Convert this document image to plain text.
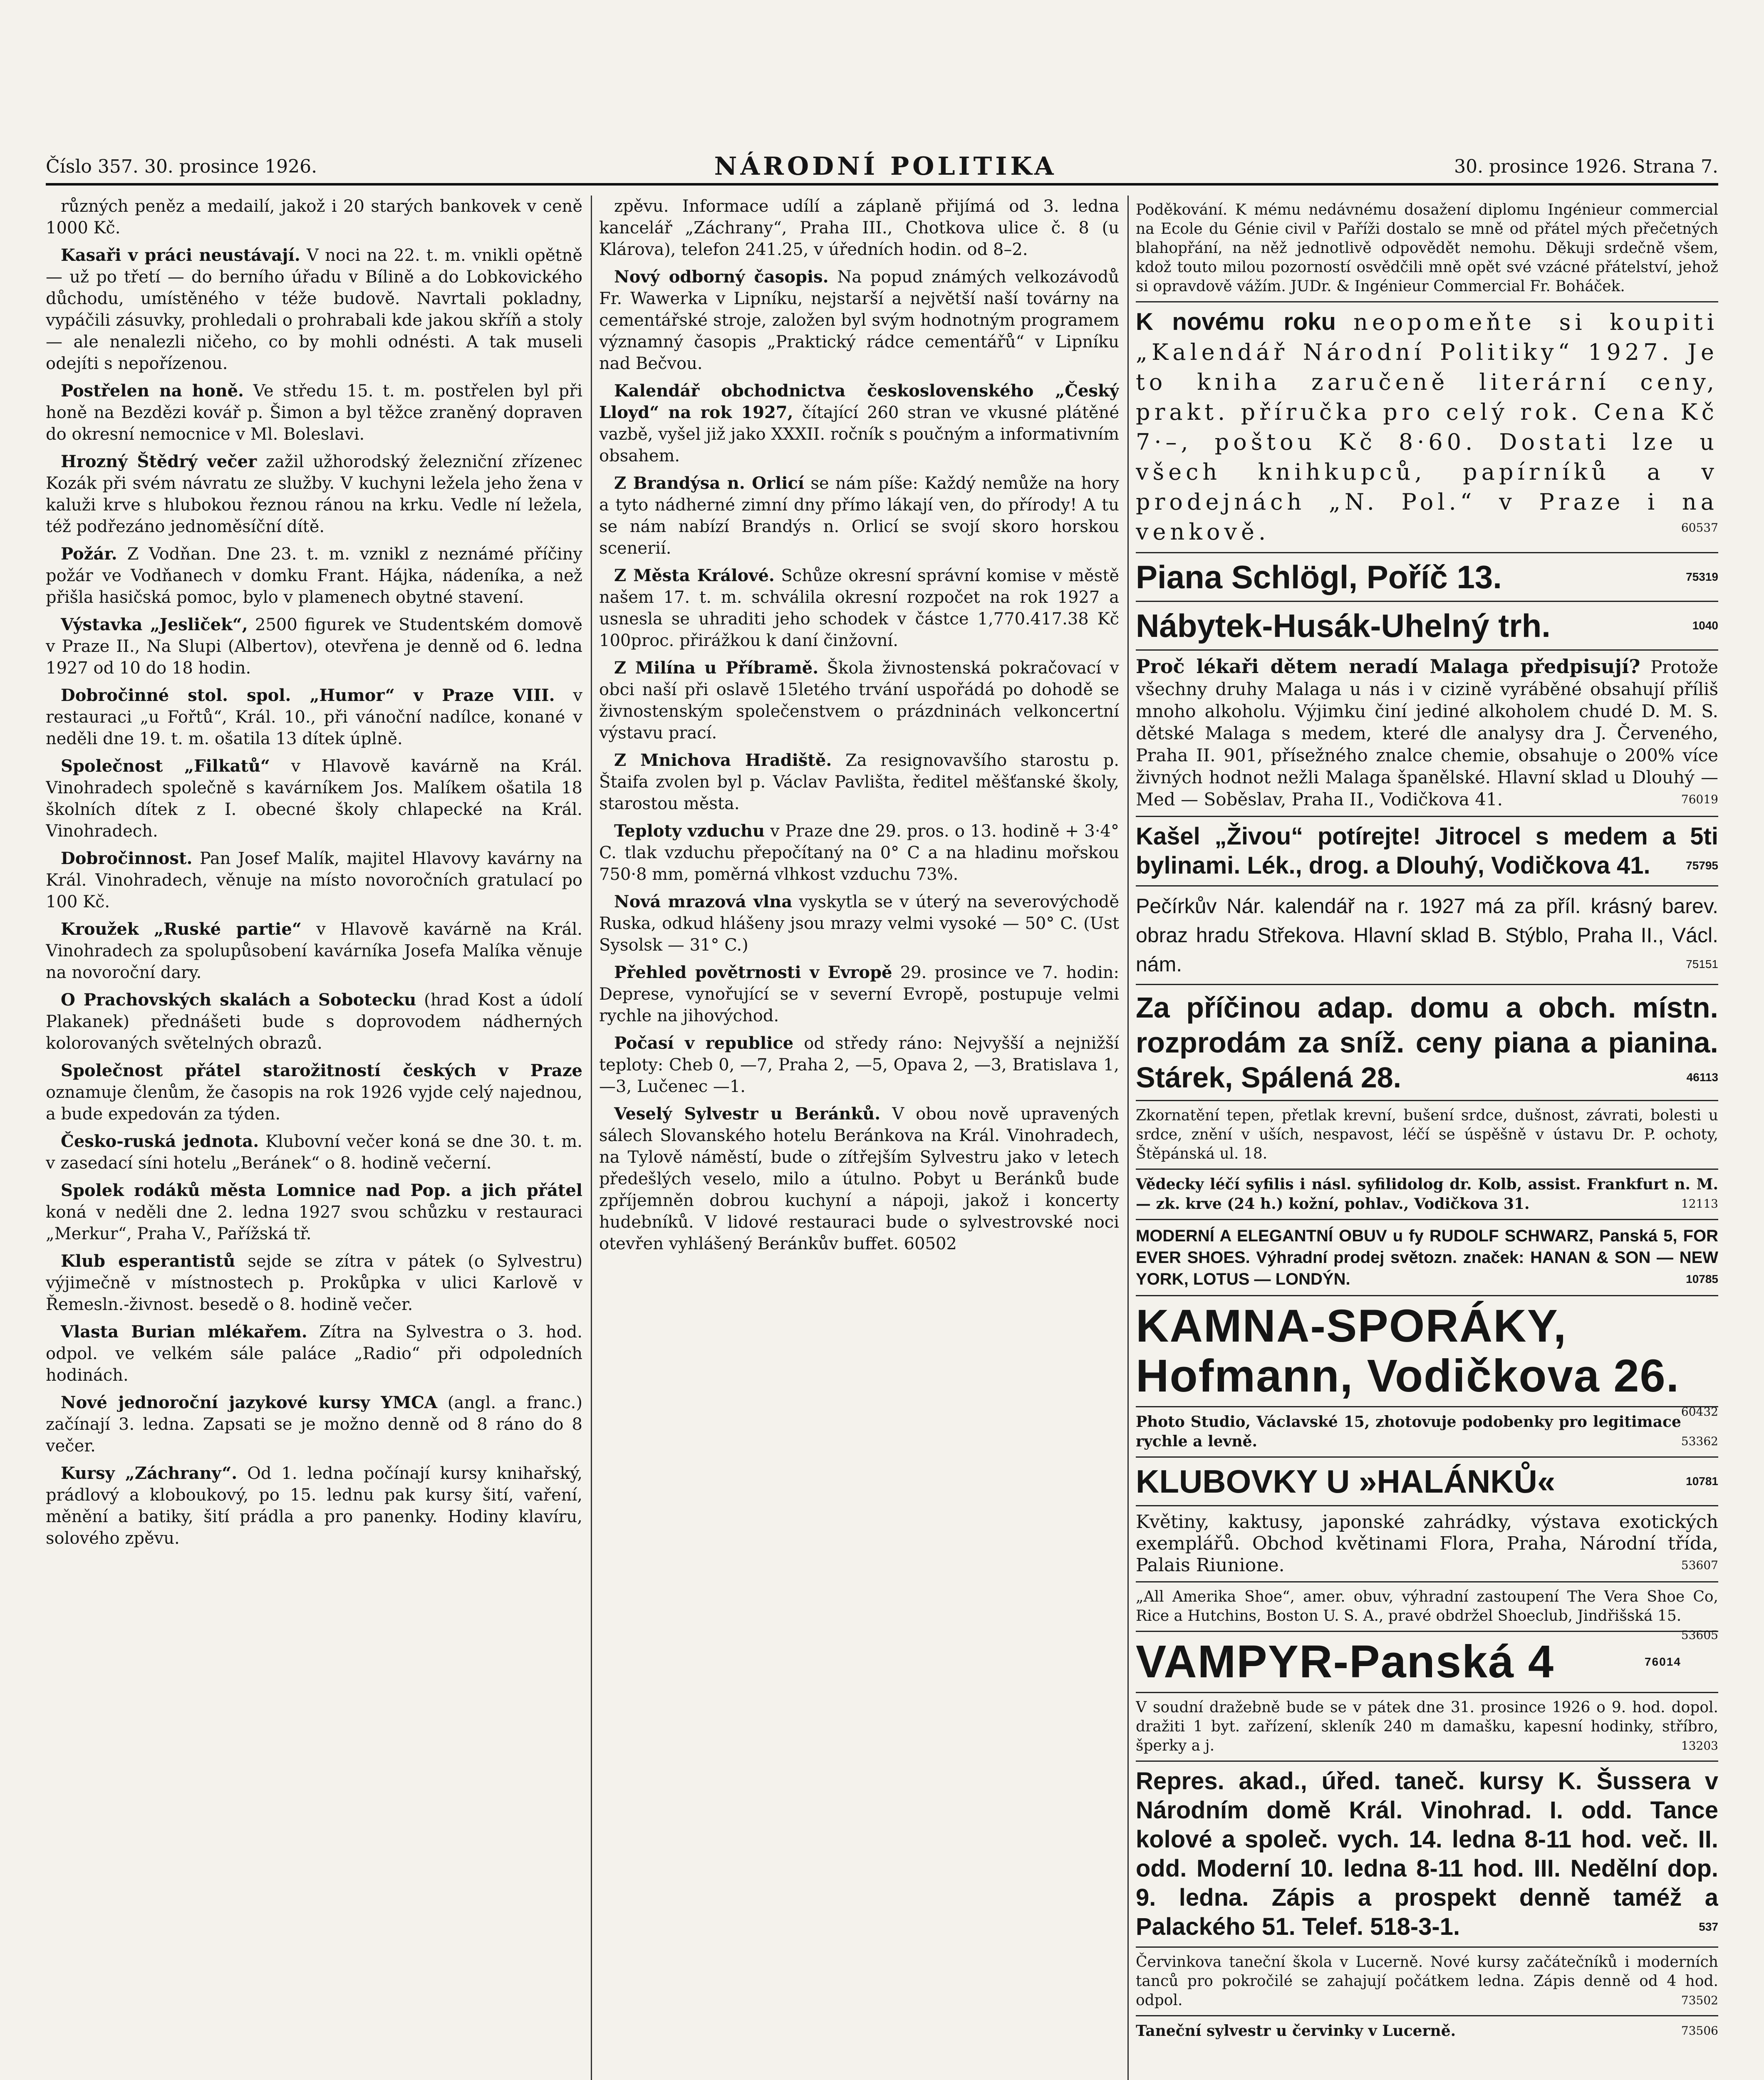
Číslo 357. 30. prosince 1926.	NÁRODNÍ POLITIKA	30. prosince 1926. Strana 7.

různých peněz a medailí, jakož i 20 starých bankovek v ceně 1000 Kč.

Kasaři v práci neustávají. V noci na 22. t. m. vnikli opětně — už po třetí — do berního úřadu v Bílině a do Lobkovického důchodu, umístěného v téže budově. Navrtali pokladny, vypáčili zásuvky, prohledali o prohrabali kde jakou skříň a stoly — ale nenalezli ničeho, co by mohli odnésti. A tak museli odejíti s nepořízenou.

Postřelen na honě. Ve středu 15. t. m. postřelen byl při honě na Bezdězi kovář p. Šimon a byl těžce zraněný dopraven do okresní nemocnice v Ml. Boleslavi.

Hrozný Štědrý večer zažil užhorodský železniční zřízenec Kozák při svém návratu ze služby. V kuchyni ležela jeho žena v kaluži krve s hlubokou řeznou ránou na krku. Vedle ní ležela, též podřezáno jednoměsíční dítě.

Požár. Z Vodňan. Dne 23. t. m. vznikl z neznámé příčiny požár ve Vodňanech v domku Frant. Hájka, nádeníka, a než přišla hasičská pomoc, bylo v plamenech obytné stavení.

Výstavka „Jesliček“, 2500 figurek ve Studentském domově v Praze II., Na Slupi (Albertov), otevřena je denně od 6. ledna 1927 od 10 do 18 hodin.

Dobročinné stol. spol. „Humor“ v Praze VIII. v restauraci „u Fořtů“, Král. 10., při vánoční nadílce, konané v neděli dne 19. t. m. ošatila 13 dítek úplně.

Společnost „Filkatů“ v Hlavově kavárně na Král. Vinohradech společně s kavárníkem Jos. Malíkem ošatila 18 školních dítek z I. obecné školy chlapecké na Král. Vinohradech.

Dobročinnost. Pan Josef Malík, majitel Hlavovy kavárny na Král. Vinohradech, věnuje na místo novoročních gratulací po 100 Kč.

Kroužek „Ruské partie“ v Hlavově kavárně na Král. Vinohradech za spolupůsobení kavárníka Josefa Malíka věnuje na novoroční dary.

O Prachovských skalách a Sobotecku (hrad Kost a údolí Plakanek) přednášeti bude s doprovodem nádherných kolorovaných světelných obrazů.

Společnost přátel starožitností českých v Praze oznamuje členům, že časopis na rok 1926 vyjde celý najednou, a bude expedován za týden.

Česko-ruská jednota. Klubovní večer koná se dne 30. t. m. v zasedací síni hotelu „Beránek“ o 8. hodině večerní.

Spolek rodáků města Lomnice nad Pop. a jich přátel koná v neděli dne 2. ledna 1927 svou schůzku v restauraci „Merkur“, Praha V., Pařížská tř.

Klub esperantistů sejde se zítra v pátek (o Sylvestru) výjimečně v místnostech p. Prokůpka v ulici Karlově v Řemesln.-živnost. besedě o 8. hodině večer.

Vlasta Burian mlékařem. Zítra na Sylvestra o 3. hod. odpol. ve velkém sále paláce „Radio“ při odpoledních hodinách.

Nové jednoroční jazykové kursy YMCA (angl. a franc.) začínají 3. ledna. Zapsati se je možno denně od 8 ráno do 8 večer.

Kursy „Záchrany“. Od 1. ledna počínají kursy knihařský, prádlový a kloboukový, po 15. lednu pak kursy šití, vaření, měnění a batiky, šití prádla a pro panenky. Hodiny klavíru, solového zpěvu.

zpěvu. Informace udílí a záplaně přijímá od 3. ledna kancelář „Záchrany“, Praha III., Chotkova ulice č. 8 (u Klárova), telefon 241.25, v úředních hodin. od 8–2.

Nový odborný časopis. Na popud známých velkozávodů Fr. Wawerka v Lipníku, nejstarší a největší naší továrny na cementářské stroje, založen byl svým hodnotným programem významný časopis „Praktický rádce cementářů“ v Lipníku nad Bečvou.

Kalendář obchodnictva československého „Český Lloyd“ na rok 1927, čítající 260 stran ve vkusné plátěné vazbě, vyšel již jako XXXII. ročník s poučným a informativním obsahem.

Z Brandýsa n. Orlicí se nám píše: Každý nemůže na hory a tyto nádherné zimní dny přímo lákají ven, do přírody! A tu se nám nabízí Brandýs n. Orlicí se svojí skoro horskou scenerií.

Z Města Králové. Schůze okresní správní komise v městě našem 17. t. m. schválila okresní rozpočet na rok 1927 a usnesla se uhraditi jeho schodek v částce 1,770.417.38 Kč 100proc. přirážkou k daní činžovní.

Z Milína u Příbramě. Škola živnostenská pokračovací v obci naší při oslavě 15letého trvání uspořádá po dohodě se živnostenským společenstvem o prázdninách velkoncertní výstavu prací.

Z Mnichova Hradiště. Za resignovavšího starostu p. Štaifa zvolen byl p. Václav Pavlišta, ředitel měšťanské školy, starostou města.

Teploty vzduchu v Praze dne 29. pros. o 13. hodině + 3·4° C. tlak vzduchu přepočítaný na 0° C a na hladinu mořskou 750·8 mm, poměrná vlhkost vzduchu 73%.

Nová mrazová vlna vyskytla se v úterý na severovýchodě Ruska, odkud hlášeny jsou mrazy velmi vysoké — 50° C. (Ust Sysolsk — 31° C.)

Přehled povětrnosti v Evropě 29. prosince ve 7. hodin: Deprese, vynořující se v severní Evropě, postupuje velmi rychle na jihovýchod.

Počasí v republice od středy ráno: Nejvyšší a nejnižší teploty: Cheb 0, —7, Praha 2, —5, Opava 2, —3, Bratislava 1, —3, Lučenec —1.

Veselý Sylvestr u Beránků. V obou nově upravených sálech Slovanského hotelu Beránkova na Král. Vinohradech, na Tylově náměstí, bude o zítřejším Sylvestru jako v letech předešlých veselo, milo a útulno. Pobyt u Beránků bude zpříjemněn dobrou kuchyní a nápoji, jakož i koncerty hudebníků. V lidové restauraci bude o sylvestrovské noci otevřen vyhlášený Beránkův buffet. 60502

Poděkování. K mému nedávnému dosažení diplomu Ingénieur commercial na Ecole du Génie civil v Paříži dostalo se mně od přátel mých přečetných blahopřání, na něž jednotlivě odpovědět nemohu. Děkuji srdečně všem, kdož touto milou pozorností osvědčili mně opět své vzácné přátelství, jehož si opravdově vážím. JUDr. & Ingénieur Commercial Fr. Boháček.

K novému roku neopomeňte si koupiti „Kalendář Národní Politiky“ 1927. Je to kniha zaručeně literární ceny, prakt. příručka pro celý rok. Cena Kč 7·–, poštou Kč 8·60. Dostati lze u všech knihkupců, papírníků a v prodejnách „N. Pol.“ v Praze i na venkově.	60537
Piana Schlögl, Poříč 13.	75319
Nábytek-Husák-Uhelný trh.	1040
Proč lékaři dětem neradí Malaga předpisují? Protože všechny druhy Malaga u nás i v cizině vyráběné obsahují příliš mnoho alkoholu. Výjimku činí jediné alkoholem chudé D. M. S. dětské Malaga s medem, které dle analysy dra J. Červeného, Praha II. 901, přísežného znalce chemie, obsahuje o 200% více živných hodnot nežli Malaga španělské. Hlavní sklad u Dlouhý — Med — Soběslav, Praha II., Vodičkova 41.	76019
Kašel „Živou“ potírejte! Jitrocel s medem a 5ti bylinami. Lék., drog. a Dlouhý, Vodičkova 41.	75795
Pečírkův Nár. kalendář na r. 1927 má za příl. krásný barev. obraz hradu Střekova. Hlavní sklad B. Stýblo, Praha II., Václ. nám.	75151
Za příčinou adap. domu a obch. místn. rozprodám za sníž. ceny piana a pianina. Stárek, Spálená 28.	46113

Zkornatění tepen, přetlak krevní, bušení srdce, dušnost, závrati, bolesti u srdce, znění v uších, nespavost, léčí se úspěšně v ústavu Dr. P. ochoty, Štěpánská ul. 18.

Vědecky léčí syfilis i násl. syfilidolog dr. Kolb, assist. Frankfurt n. M. — zk. krve (24 h.) kožní, pohlav., Vodičkova 31.	12113
MODERNÍ A ELEGANTNÍ OBUV u fy RUDOLF SCHWARZ, Panská 5, FOR EVER SHOES. Výhradní prodej světozn. značek: HANAN & SON — NEW YORK, LOTUS — LONDÝN.	10785
KAMNA-SPORÁKY,
Hofmann, Vodičkova 26.
60432
Photo Studio, Václavské 15, zhotovuje podobenky pro legitimace rychle a levně.	53362
KLUBOVKY U »HALÁNKŮ«	10781
Květiny, kaktusy, japonské zahrádky, výstava exotických exemplářů. Obchod květinami Flora, Praha, Národní třída, Palais Riunione.	53607
„All Amerika Shoe“, amer. obuv, výhradní zastoupení The Vera Shoe Co, Rice a Hutchins, Boston U. S. A., pravé obdržel Shoeclub, Jindřišská 15.
53605
VAMPYR-Panská 4	76014
V soudní dražebně bude se v pátek dne 31. prosince 1926 o 9. hod. dopol. dražiti 1 byt. zařízení, skleník 240 m damašku, kapesní hodinky, stříbro, šperky a j.	13203
Repres. akad., úřed. taneč. kursy K. Šussera v Národním domě Král. Vinohrad. I. odd. Tance kolové a společ. vych. 14. ledna 8-11 hod. več. II. odd. Moderní 10. ledna 8-11 hod. III. Nedělní dop. 9. ledna. Zápis a prospekt denně taméž a Palackého 51. Telef. 518-3-1.	537
Červinkova taneční škola v Lucerně. Nové kursy začátečníků i moderních tanců pro pokročilé se zahajují počátkem ledna. Zápis denně od 4 hod. odpol.	73502
Taneční sylvestr u červinky v Lucerně.	73506
